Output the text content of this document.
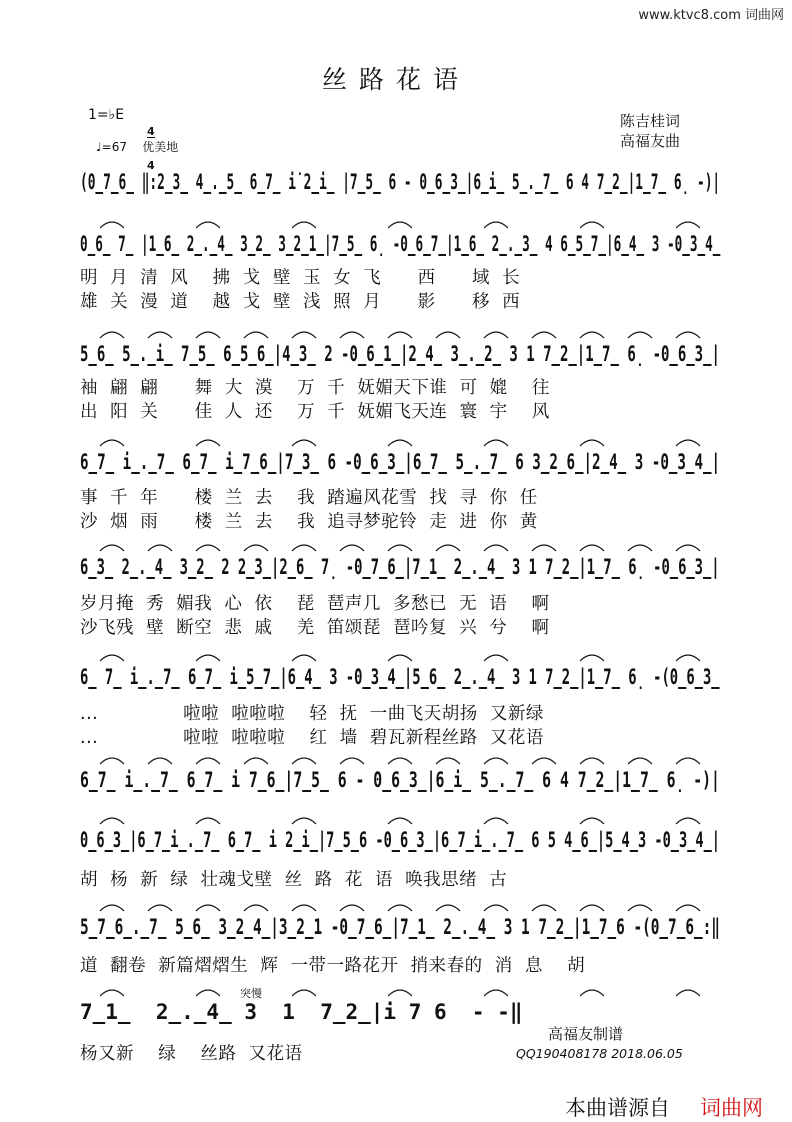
www.ktvc8.com 词曲网
丝路花语
1=♭E

4

4

♩=67    优美地
陈吉桂词
高福友曲
(0̲7̲6̲ ‖:2̲3̲ 4̲.̲5̲ 6̲7̲ i̇ 2̲i̲ |7̲5̲ 6 - 0̲6̲3̲|6̲i̲ 5̲.̲7̲ 6 4 7̲2̲|1̲7̲ 6̣ -)|
0̲6̲ 7̲ |1̲6̲ 2̲.̲4̲ 3̲2̲ 3̲2̲1̲|7̲5̲ 6̣ -0̲6̲7̲|1̲6̲ 2̲.̲3̲ 4 6̲5̲7̲|6̲4̲ 3 -0̲3̲4̲
明  月  清  风    拂  戈  壁  玉  女  飞      西      域  长
雄  关  漫  道    越  戈  壁  浅  照  月      影      移  西
5̲6̲ 5̲.̲i̲ 7̲5̲ 6̲5̲6̲|4̲3̲ 2 -0̲6̲1̲|2̲4̲ 3̲.̲2̲ 3 1 7̲2̲|1̲7̲ 6̣ -0̲6̲3̲|
袖  翩  翩      舞  大  漠    万  千  妩媚天下谁  可  媲    往
出  阳  关      佳  人  还    万  千  妩媚飞天连  寰  宇    风
6̲7̲ i̲.̲7̲ 6̲7̲ i̲7̲6̲|7̲3̲ 6 -0̲6̲3̲|6̲7̲ 5̲.̲7̲ 6 3̲2̲6̲|2̲4̲ 3 -0̲3̲4̲|
事  千  年      楼  兰  去    我  踏遍风花雪  找  寻  你  任
沙  烟  雨      楼  兰  去    我  追寻梦驼铃  走  进  你  黄
6̲3̲ 2̲.̲4̲ 3̲2̲ 2 2̲3̲|2̲6̲ 7̣ -0̲7̲6̲|7̲1̲ 2̲.̲4̲ 3 1 7̲2̲|1̲7̲ 6̣ -0̲6̲3̲|
岁月掩  秀  媚我  心  依    琵  琶声几  多愁已  无  语    啊
沙飞残  壁  断空  悲  戚    羌  笛颂琵  琶吟复  兴  兮    啊
6̲ 7̲ i̲.̲7̲ 6̲7̲ i̲5̲7̲|6̲4̲ 3 -0̲3̲4̲|5̲6̲ 2̲.̲4̲ 3 1 7̲2̲|1̲7̲ 6̣ -(0̲6̲3̲
...              啦啦  啦啦啦    轻  抚  一曲飞天胡扬  又新绿
...              啦啦  啦啦啦    红  墙  碧瓦新程丝路  又花语
6̲7̲ i̲.̲7̲ 6̲7̲ i 7̲6̲|7̲5̲ 6 - 0̲6̲3̲|6̲i̲ 5̲.̲7̲ 6 4 7̲2̲|1̲7̲ 6̣ -)|
0̲6̲3̲|6̲7̲i̲.̲7̲ 6̲7̲ i 2̲i̲|7̲5̲6 -0̲6̲3̲|6̲7̲i̲.̲7̲ 6 5 4̲6̲|5̲4̲3 -0̲3̲4̲|
胡  杨  新  绿  壮魂戈壁  丝  路  花  语  唤我思绪  古
5̲7̲6̲.̲7̲ 5̲6̲ 3̲2̲4̲|3̲2̲1 -0̲7̲6̲|7̲1̲ 2̲.̲4̲ 3 1 7̲2̲|1̲7̲6 -(0̲7̲6̲:‖
道  翻卷  新篇熠熠生  辉  一带一路花开  捎来春的  消  息    胡
7̲1̲  2̲.̲4̲ 3  1  7̲2̲|i 7 6  - -‖
杨又新    绿    丝路  又花语
突慢
高福友制谱
QQ190408178 2018.06.05
本曲谱源自 词曲网
